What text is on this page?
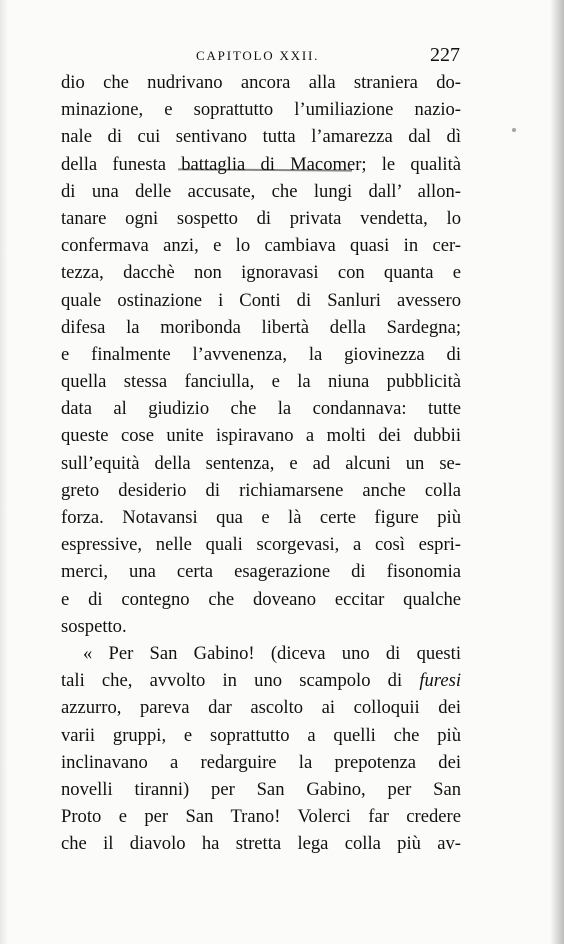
CAPITOLO XXII.	227
dio che nudrivano ancora alla straniera do-
minazione, e soprattutto l’umiliazione nazio-
nale di cui sentivano tutta l’amarezza dal dì
della funesta battaglia di Macomer; le qualità
di una delle accusate, che lungi dall’ allon-
tanare ogni sospetto di privata vendetta, lo
confermava anzi, e lo cambiava quasi in cer-
tezza, dacchè non ignoravasi con quanta e
quale ostinazione i Conti di Sanluri avessero
difesa la moribonda libertà della Sardegna;
e finalmente l’avvenenza, la giovinezza di
quella stessa fanciulla, e la niuna pubblicità
data al giudizio che la condannava: tutte
queste cose unite ispiravano a molti dei dubbii
sull’equità della sentenza, e ad alcuni un se-
greto desiderio di richiamarsene anche colla
forza. Notavansi qua e là certe figure più
espressive, nelle quali scorgevasi, a così espri-
merci, una certa esagerazione di fisonomia
e di contegno che doveano eccitar qualche
sospetto.
« Per San Gabino! (diceva uno di questi
tali che, avvolto in uno scampolo di furesi
azzurro, pareva dar ascolto ai colloquii dei
varii gruppi, e soprattutto a quelli che più
inclinavano a redarguire la prepotenza dei
novelli tiranni) per San Gabino, per San
Proto e per San Trano! Volerci far credere
che il diavolo ha stretta lega colla più av-
